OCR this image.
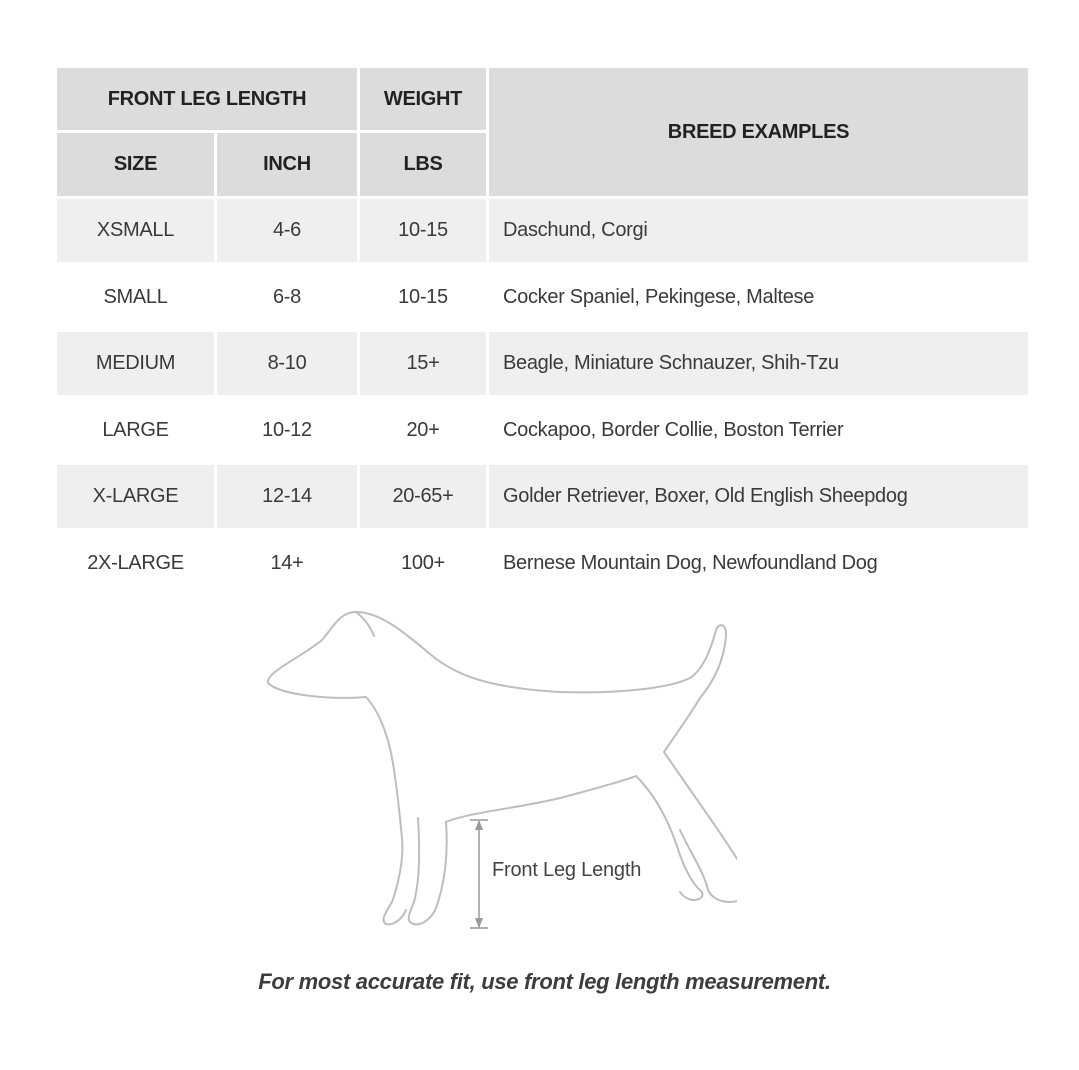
FRONT LEG LENGTH	WEIGHT
BREED EXAMPLES
SIZE	INCH	LBS
XSMALL	4-6	10-15	Daschund, Corgi
SMALL	6-8	10-15	Cocker Spaniel, Pekingese, Maltese
MEDIUM	8-10	15+	Beagle, Miniature Schnauzer, Shih-Tzu
LARGE	10-12	20+	Cockapoo, Border Collie, Boston Terrier
X-LARGE	12-14	20-65+	Golder Retriever, Boxer, Old English Sheepdog
2X-LARGE	14+	100+	Bernese Mountain Dog, Newfoundland Dog
Front Leg Length
For most accurate fit, use front leg length measurement.
